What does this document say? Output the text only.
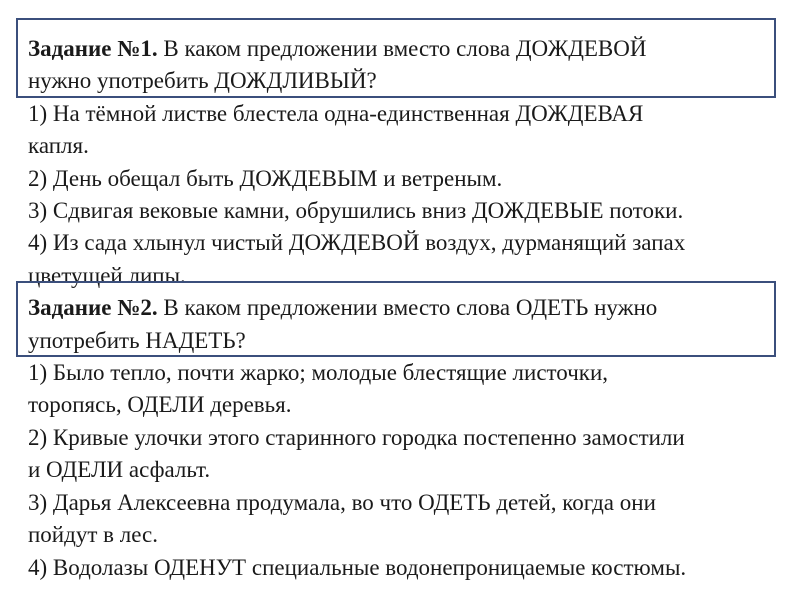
Задание №1. В каком предложении вместо слова ДОЖДЕВОЙ
нужно употребить ДОЖДЛИВЫЙ?
1) На тёмной листве блестела одна-единственная ДОЖДЕВАЯ
капля.
2) День обещал быть ДОЖДЕВЫМ и ветреным.
3) Сдвигая вековые камни, обрушились вниз ДОЖДЕВЫЕ потоки.
4) Из сада хлынул чистый ДОЖДЕВОЙ воздух, дурманящий запах
цветущей липы.
Задание №2. В каком предложении вместо слова ОДЕТЬ нужно
употребить НАДЕТЬ?
1) Было тепло, почти жарко; молодые блестящие листочки,
торопясь, ОДЕЛИ деревья.
2) Кривые улочки этого старинного городка постепенно замостили
и ОДЕЛИ асфальт.
3) Дарья Алексеевна продумала, во что ОДЕТЬ детей, когда они
пойдут в лес.
4) Водолазы ОДЕНУТ специальные водонепроницаемые костюмы.
